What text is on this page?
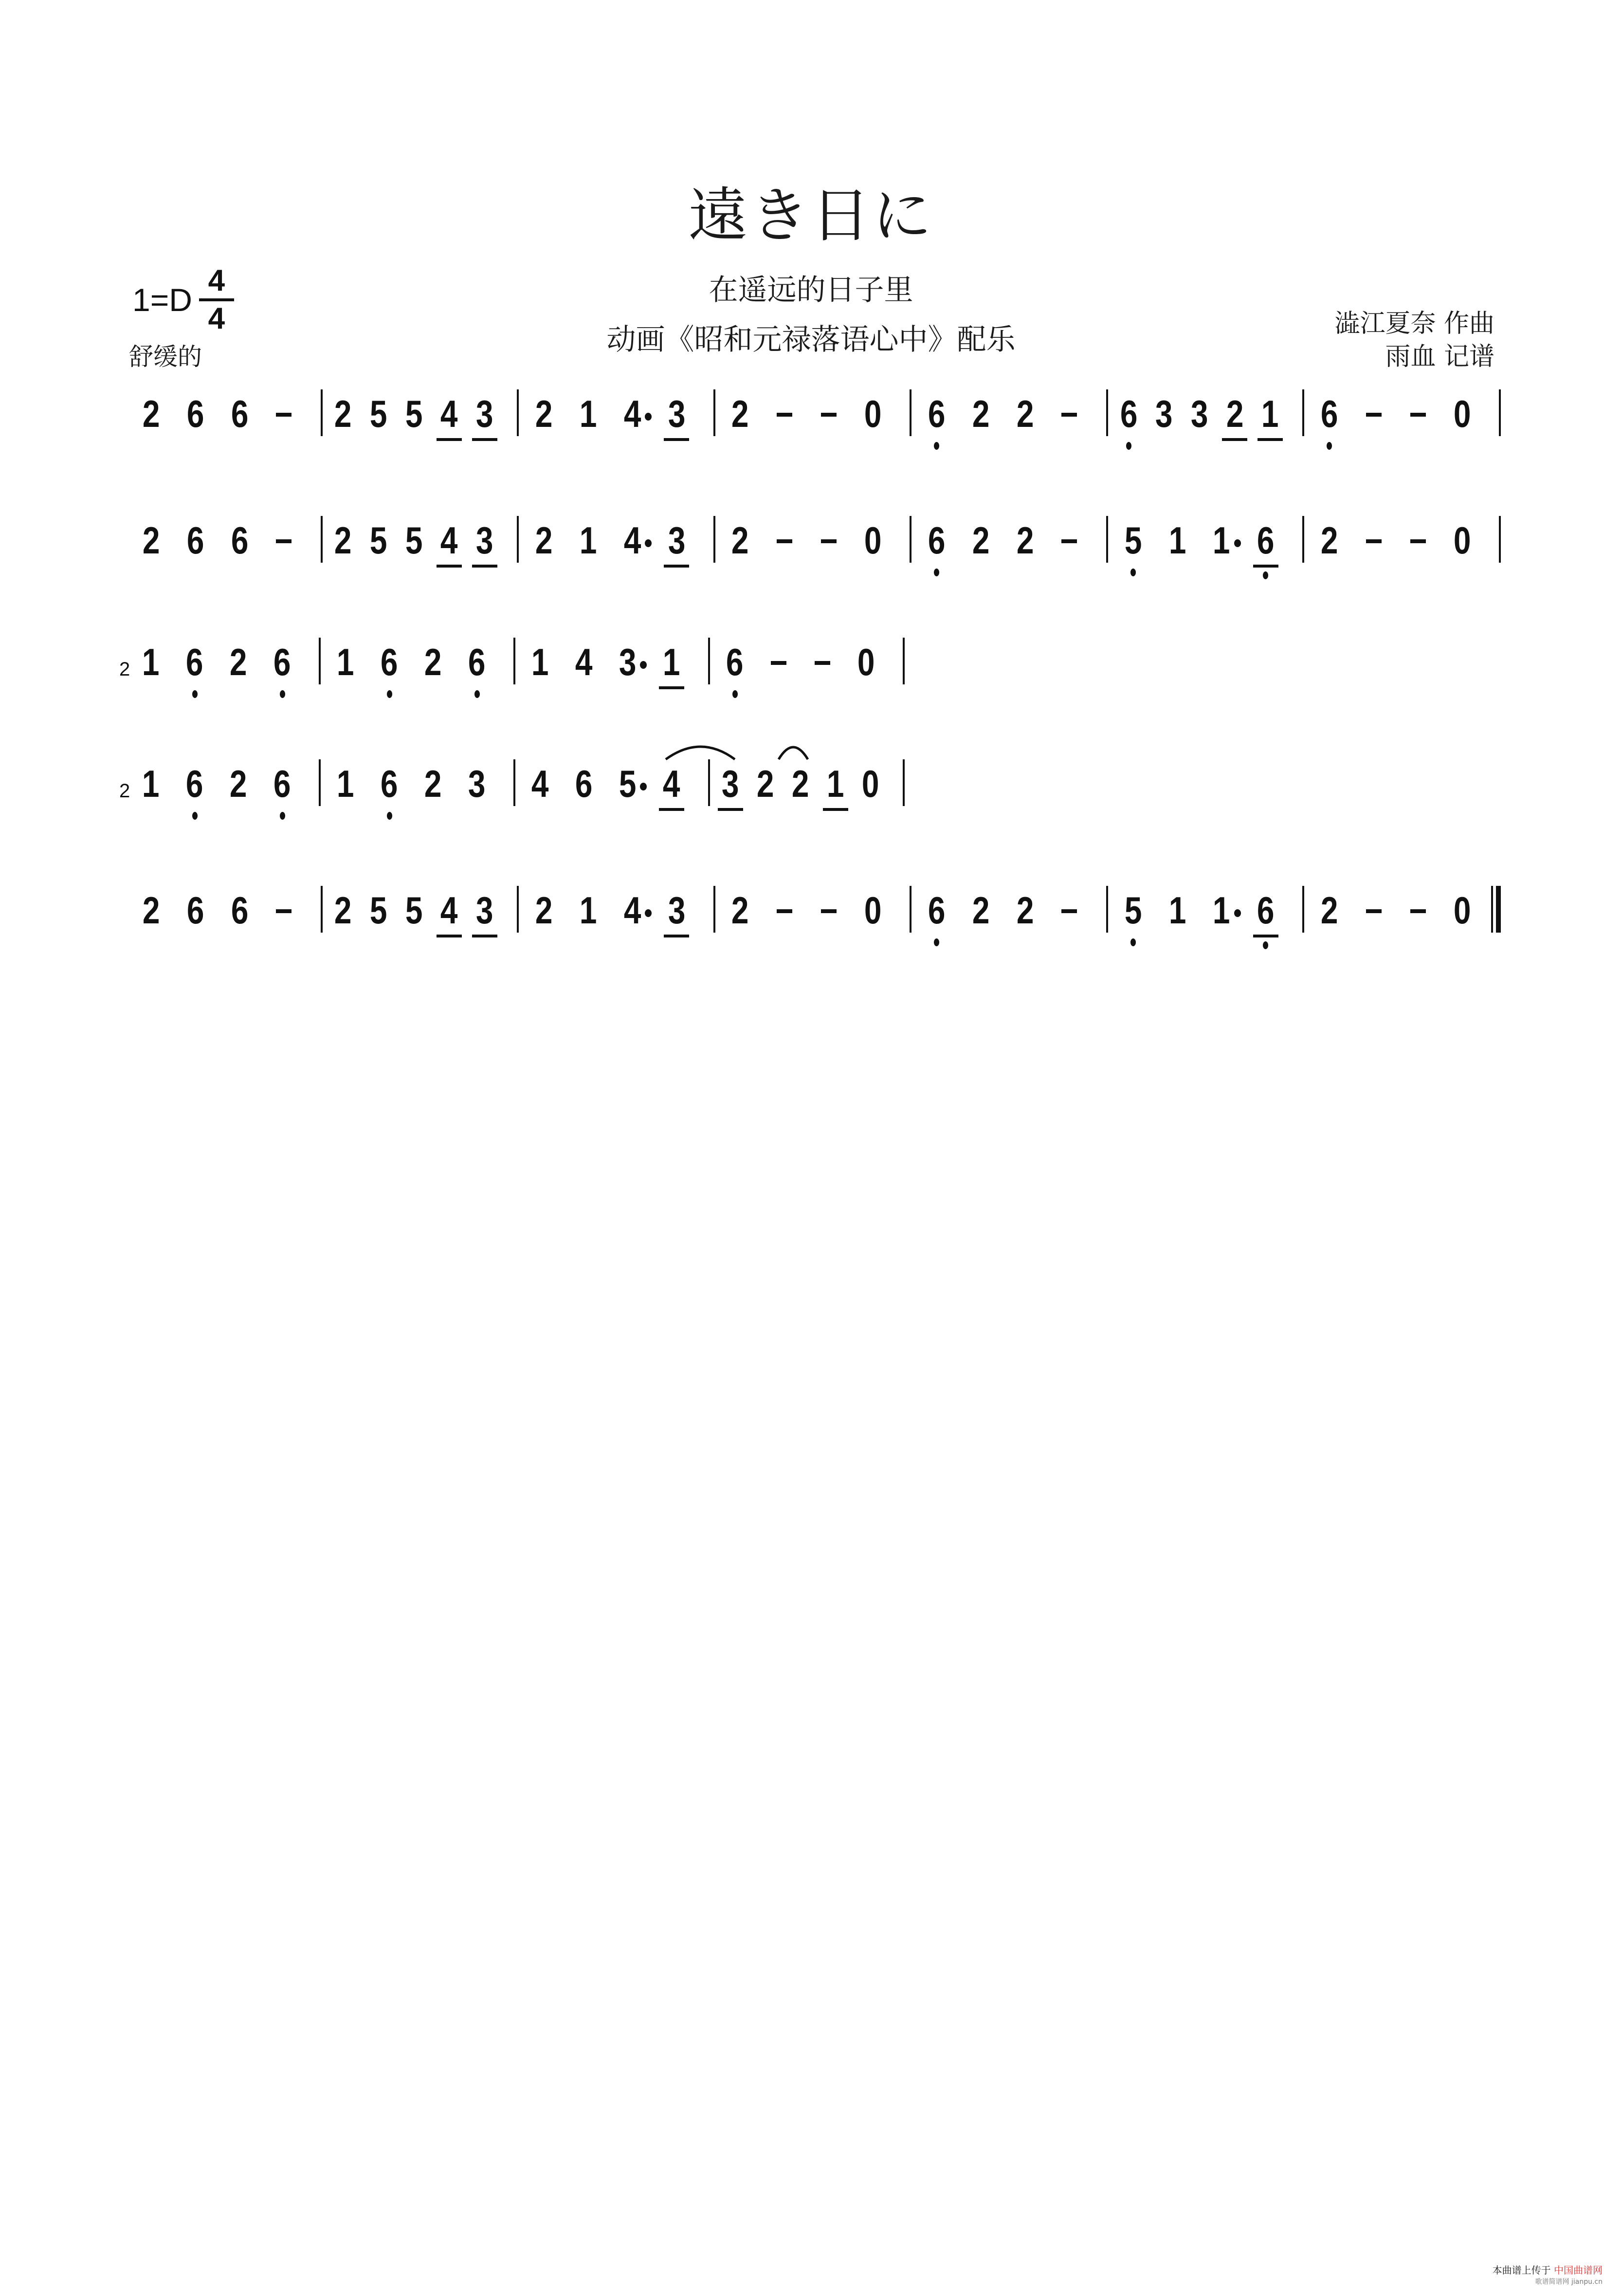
遠き日に
在遥远的日子里
动画《昭和元禄落语心中》配乐
1=D
4
4
舒缓的
澁江夏奈 作曲
雨血 记谱
2 6 6 2 5 5 4 3 2 1 4 3 2	0 6 2 2 6 3 3 2 1 6	0
2 6 6 2 5 5 4 3 2 1 4 3 2	0 6 2 2 5 1 1 6 2	0
2 1 6 2 6 1 6 2 6 1 4 3 1 6	0
2 1 6 2 6 1 6 2 3 4 6 5 4 3 2 2 1 0
2 6 6 2 5 5 4 3 2 1 4 3 2	0 6 2 2 5 1 1 6 2	0
本曲谱上传于 中国曲谱网
歌谱简谱网 jianpu.cn
